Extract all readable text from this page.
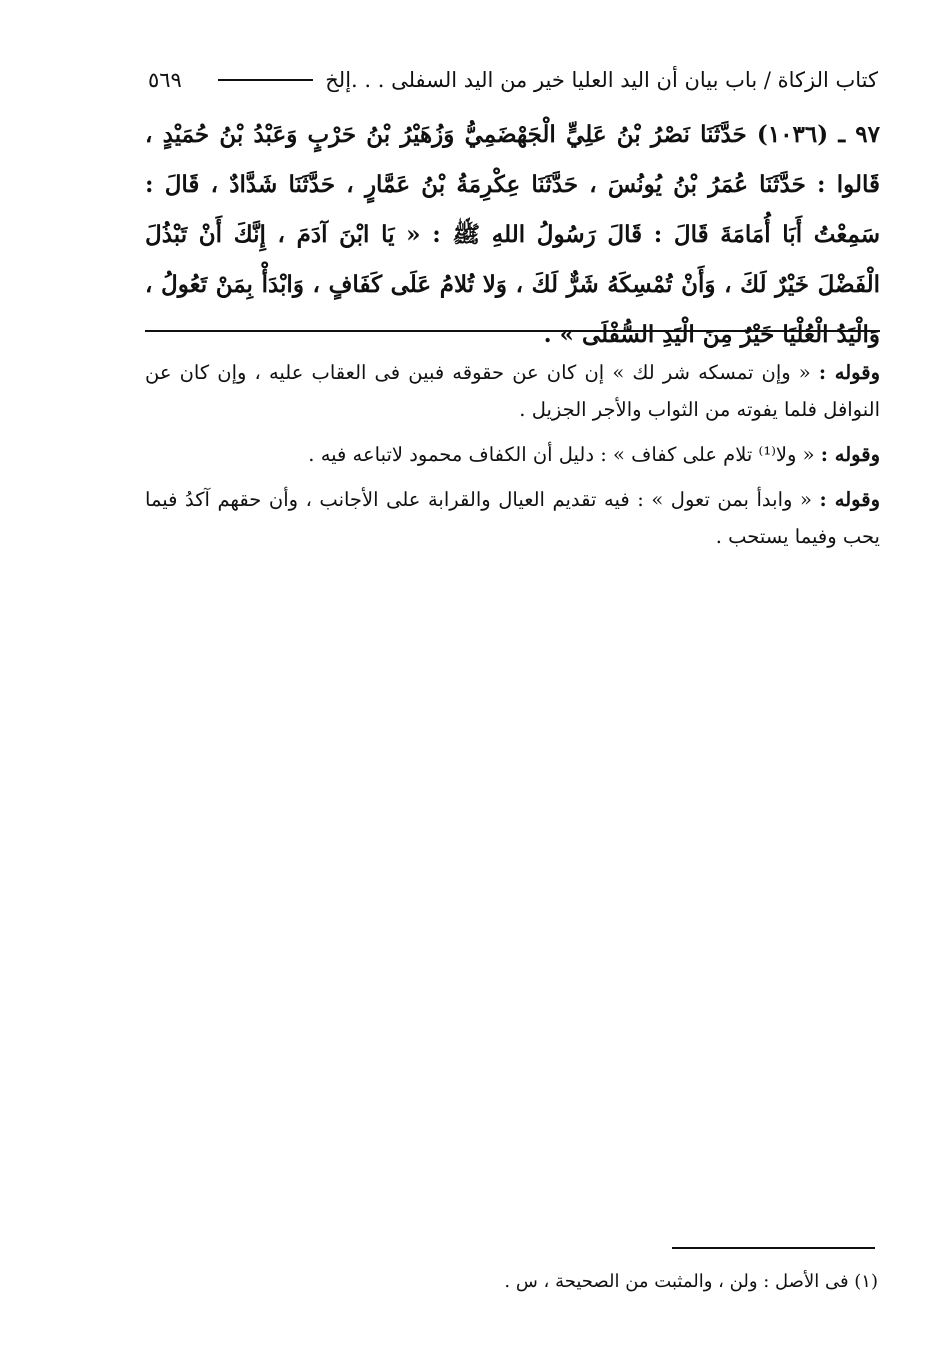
كتاب الزكاة / باب بيان أن اليد العليا خير من اليد السفلى . . .إلخ
٥٦٩
٩٧ ـ (١٠٣٦) حَدَّثَنَا نَصْرُ بْنُ عَلِيٍّ الْجَهْضَمِيُّ وَزُهَيْرُ بْنُ حَرْبٍ وَعَبْدُ بْنُ حُمَيْدٍ ، قَالوا : حَدَّثَنَا عُمَرُ بْنُ يُونُسَ ، حَدَّثَنَا عِكْرِمَةُ بْنُ عَمَّارٍ ، حَدَّثَنَا شَدَّادٌ ، قَالَ : سَمِعْتُ أَبَا أُمَامَةَ قَالَ : قَالَ رَسُولُ اللهِ ﷺ : « يَا ابْنَ آدَمَ ، إِنَّكَ أَنْ تَبْذُلَ الْفَضْلَ خَيْرٌ لَكَ ، وَأَنْ تُمْسِكَهُ شَرٌّ لَكَ ، وَلا تُلامُ عَلَى كَفَافٍ ، وَابْدَأْ بِمَنْ تَعُولُ ، وَالْيَدُ الْعُلْيَا خَيْرٌ مِنَ الْيَدِ السُّفْلَى » .

وقوله : « وإن تمسكه شر لك » إن كان عن حقوقه فبين فى العقاب عليه ، وإن كان عن النوافل فلما يفوته من الثواب والأجر الجزيل .

وقوله : « ولا⁽¹⁾ تلام على كفاف » : دليل أن الكفاف محمود لاتباعه فيه .

وقوله : « وابدأ بمن تعول » : فيه تقديم العيال والقرابة على الأجانب ، وأن حقهم آكدُ فيما يحب وفيما يستحب .

(١) فى الأصل : ولن ، والمثبت من الصحيحة ، س .
